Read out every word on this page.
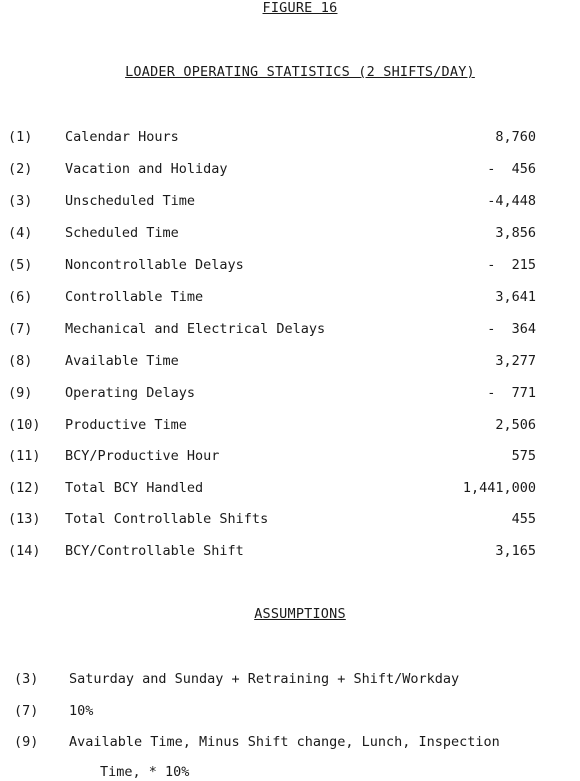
FIGURE 16
LOADER OPERATING STATISTICS (2 SHIFTS/DAY)
(1)	Calendar Hours	8,760
(2)	Vacation and Holiday	-  456
(3)	Unscheduled Time	-4,448
(4)	Scheduled Time	3,856
(5)	Noncontrollable Delays	-  215
(6)	Controllable Time	3,641
(7)	Mechanical and Electrical Delays	-  364
(8)	Available Time	3,277
(9)	Operating Delays	-  771
(10)	Productive Time	2,506
(11)	BCY/Productive Hour	575
(12)	Total BCY Handled	1,441,000
(13)	Total Controllable Shifts	455
(14)	BCY/Controllable Shift	3,165
ASSUMPTIONS
(3) Saturday and Sunday + Retraining + Shift/Workday
(7) 10%
(9) Available Time, Minus Shift change, Lunch, Inspection
Time, * 10%
